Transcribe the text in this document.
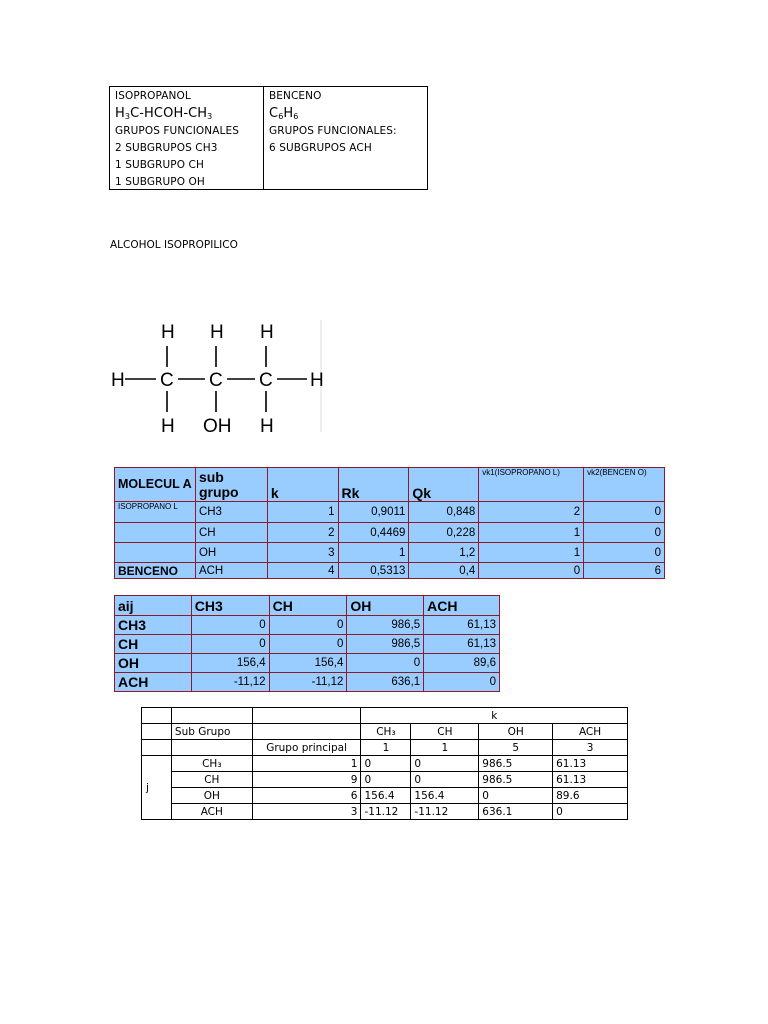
ISOPROPANOL
$H_3C-HCOH-CH_3$
GRUPOS FUNCIONALES
2 SUBGRUPOS CH3
1 SUBGRUPO CH
1 SUBGRUPO OH
BENCENO
$C_6H_6$
GRUPOS FUNCIONALES:
6 SUBGRUPOS ACH
ALCOHOL ISOPROPILICO
H H H
H C C C H
H OH H
MOLECUL A	sub grupo	k	Rk	Qk	vk1(ISOPROPANO L)	vk2(BENCEN O)
ISOPROPANO L	CH3	1	0,9011	0,848	2	0
	CH	2	0,4469	0,228	1	0
	OH	3	1	1,2	1	0
BENCENO	ACH	4	0,5313	0,4	0	6
aij	CH3	CH	OH	ACH
CH3	0	0	986,5	61,13
CH	0	0	986,5	61,13
OH	156,4	156,4	0	89,6
ACH	-11,12	-11,12	636,1	0
			k			
	Sub Grupo		CH₃	CH	OH	ACH
		Grupo principal	1	1	5	3
j	CH₃	1	0	0	986.5	61.13
	CH	9	0	0	986.5	61.13
	OH	6	156.4	156.4	0	89.6
	ACH	3	-11.12	-11.12	636.1	0
